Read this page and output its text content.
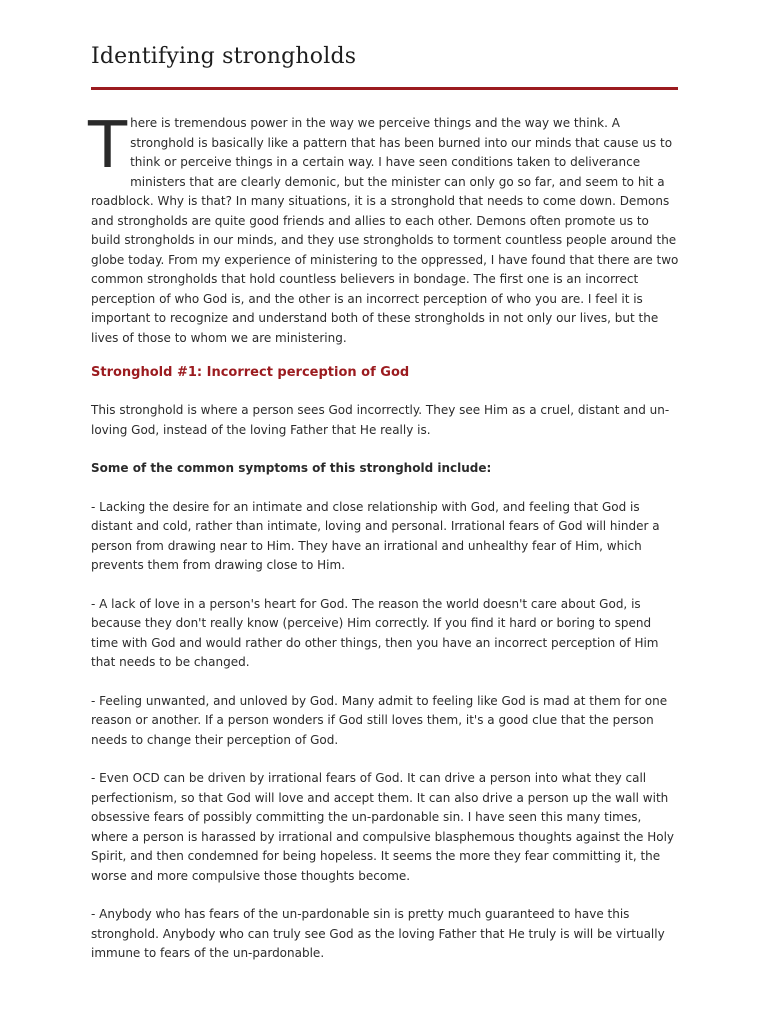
Identifying strongholds

There is tremendous power in the way we perceive things and the way we think. A stronghold is basically like a pattern that has been burned into our minds that cause us to think or perceive things in a certain way. I have seen conditions taken to deliverance ministers that are clearly demonic, but the minister can only go so far, and seem to hit a roadblock. Why is that? In many situations, it is a stronghold that needs to come down. Demons and strongholds are quite good friends and allies to each other. Demons often promote us to build strongholds in our minds, and they use strongholds to torment countless people around the globe today. From my experience of ministering to the oppressed, I have found that there are two common strongholds that hold countless believers in bondage. The first one is an incorrect perception of who God is, and the other is an incorrect perception of who you are. I feel it is important to recognize and understand both of these strongholds in not only our lives, but the lives of those to whom we are ministering.

Stronghold #1: Incorrect perception of God

This stronghold is where a person sees God incorrectly. They see Him as a cruel, distant and un-loving God, instead of the loving Father that He really is.

Some of the common symptoms of this stronghold include:

- Lacking the desire for an intimate and close relationship with God, and feeling that God is distant and cold, rather than intimate, loving and personal. Irrational fears of God will hinder a person from drawing near to Him. They have an irrational and unhealthy fear of Him, which prevents them from drawing close to Him.

- A lack of love in a person's heart for God. The reason the world doesn't care about God, is because they don't really know (perceive) Him correctly. If you find it hard or boring to spend time with God and would rather do other things, then you have an incorrect perception of Him that needs to be changed.

- Feeling unwanted, and unloved by God. Many admit to feeling like God is mad at them for one reason or another. If a person wonders if God still loves them, it's a good clue that the person needs to change their perception of God.

- Even OCD can be driven by irrational fears of God. It can drive a person into what they call perfectionism, so that God will love and accept them. It can also drive a person up the wall with obsessive fears of possibly committing the un-pardonable sin. I have seen this many times, where a person is harassed by irrational and compulsive blasphemous thoughts against the Holy Spirit, and then condemned for being hopeless. It seems the more they fear committing it, the worse and more compulsive those thoughts become.

- Anybody who has fears of the un-pardonable sin is pretty much guaranteed to have this stronghold. Anybody who can truly see God as the loving Father that He truly is will be virtually immune to fears of the un-pardonable.
